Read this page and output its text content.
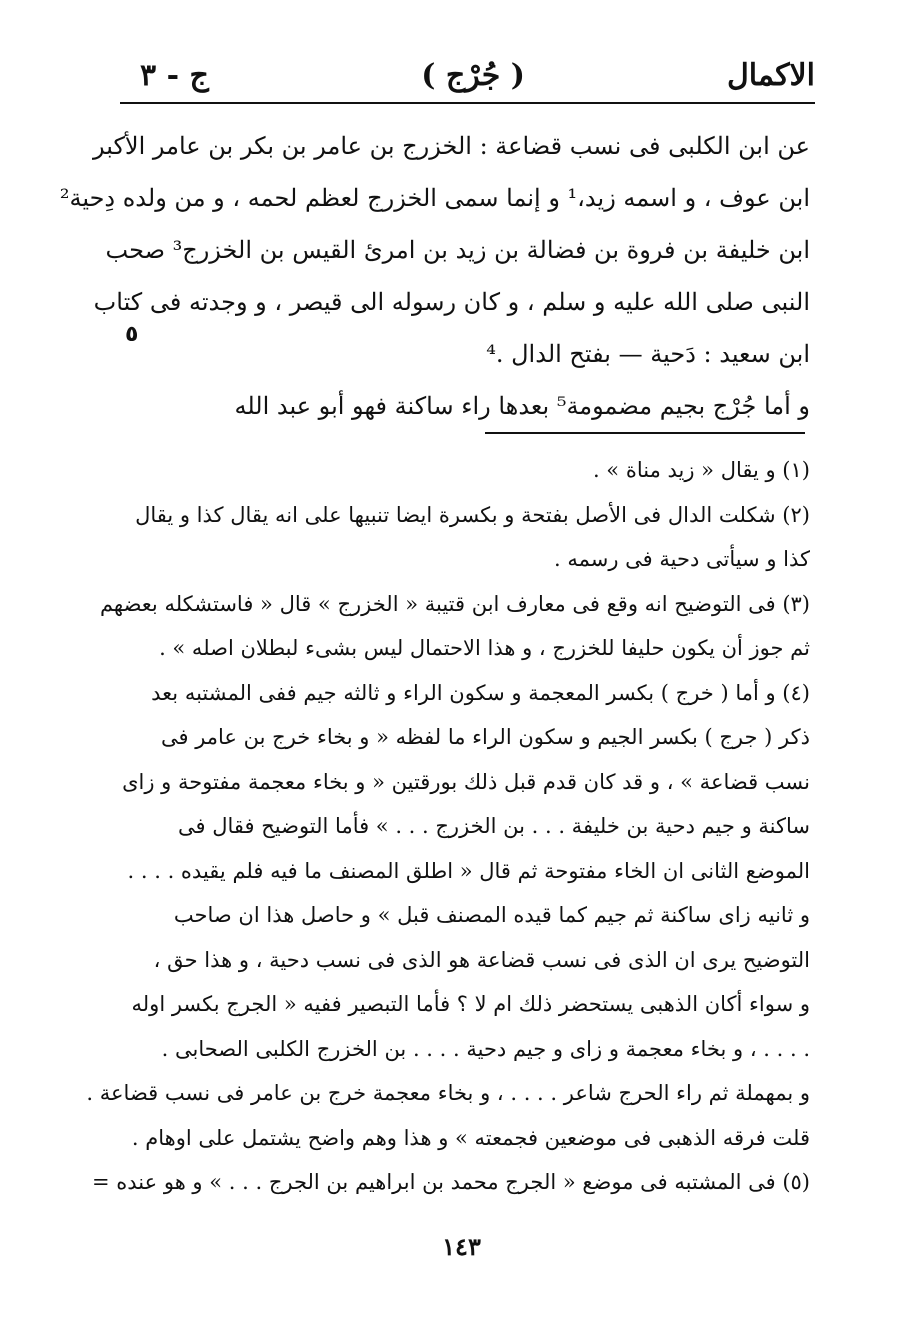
الاكمال
( جُرْج )
ج - ٣

عن ابن الكلبى فى نسب قضاعة : الخزرج بن عامر بن بكر بن عامر الأكبر

ابن عوف ، و اسمه زيد،¹ و إنما سمى الخزرج لعظم لحمه ، و من ولده دِحية²

ابن خليفة بن فروة بن فضالة بن زيد بن امرئ القيس بن الخزرج³ صحب

النبى صلى الله عليه و سلم ، و كان رسوله الى قيصر ، و وجدته فى كتاب

ابن سعيد : دَحية — بفتح الدال .⁴

و أما جُرْج بجيم مضمومة⁵ بعدها راء ساكنة فهو أبو عبد الله

٥

(١) و يقال « زيد مناة » .

(٢) شكلت الدال فى الأصل بفتحة و بكسرة ايضا تنبيها على انه يقال كذا و يقال

كذا و سيأتى دحية فى رسمه .

(٣) فى التوضيح انه وقع فى معارف ابن قتيبة « الخزرج » قال « فاستشكله بعضهم

ثم جوز أن يكون حليفا للخزرج ، و هذا الاحتمال ليس بشىء لبطلان اصله » .

(٤) و أما ( خرج ) بكسر المعجمة و سكون الراء و ثالثه جيم ففى المشتبه بعد

ذكر ( جرج ) بكسر الجيم و سكون الراء ما لفظه « و بخاء خرج بن عامر فى

نسب قضاعة » ، و قد كان قدم قبل ذلك بورقتين « و بخاء معجمة مفتوحة و زاى

ساكنة و جيم دحية بن خليفة . . . بن الخزرج . . . » فأما التوضيح فقال فى

الموضع الثانى ان الخاء مفتوحة ثم قال « اطلق المصنف ما فيه فلم يقيده . . . .

و ثانيه زاى ساكنة ثم جيم كما قيده المصنف قبل » و حاصل هذا ان صاحب

التوضيح يرى ان الذى فى نسب قضاعة هو الذى فى نسب دحية ، و هذا حق ،

و سواء أكان الذهبى يستحضر ذلك ام لا ؟ فأما التبصير ففيه « الجرج بكسر اوله

. . . . ، و بخاء معجمة و زاى و جيم دحية . . . . بن الخزرج الكلبى الصحابى .

و بمهملة ثم راء الحرج شاعر . . . . ، و بخاء معجمة خرج بن عامر فى نسب قضاعة .

قلت فرقه الذهبى فى موضعين فجمعته » و هذا وهم واضح يشتمل على اوهام .

(٥) فى المشتبه فى موضع « الجرج محمد بن ابراهيم بن الجرج . . . » و هو عنده =

١٤٣
